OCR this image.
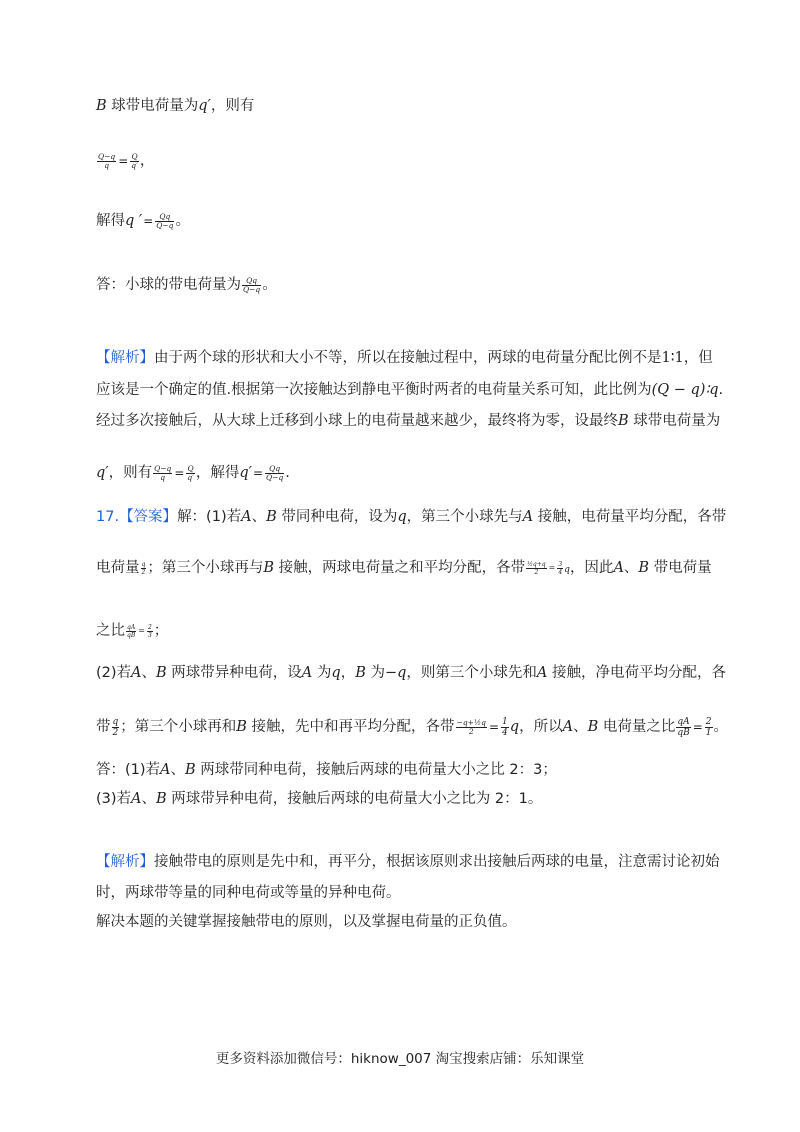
B 球带电荷量为q′，则有
$\frac{Q-q}{q} = \frac{Q}{q'}$ ，
解得q ′= $\frac{Qq}{Q-q}$ 。
答：小球的带电荷量为 $\frac{Qq}{Q-q}$ 。
【解析】由于两个球的形状和大小不等，所以在接触过程中，两球的电荷量分配比例不是1∶1，但
应该是一个确定的值.根据第一次接触达到静电平衡时两者的电荷量关系可知，此比例为(Q − q)∶q.
经过多次接触后，从大球上迁移到小球上的电荷量越来越少，最终将为零，设最终B 球带电荷量为
q′，则有 $\frac{Q-q}{q} = \frac{Q}{q'}$ ，解得$q'= \frac{Qq}{Q-q}$ .
17.【答案】解：(1)若A、B 带同种电荷，设为q，第三个小球先与A 接触，电荷量平均分配，各带
电荷量 $\frac{q}{2}$ ；第三个小球再与B 接触，两球电荷量之和平均分配，各带 $\frac{\text{½q+q}}{2} = \frac{3}{4}$ q，因此A、B 带电荷量
之比 $\frac{qA}{qB} = \frac{2}{3}$ ；
(2)若A、B 两球带异种电荷，设A 为q，B 为−q，则第三个小球先和A 接触，净电荷平均分配，各
带 $\frac{q}{2}$ ；第三个小球再和B 接触，先中和再平均分配，各带 $\frac{\text{−q+½q}}{2} = \frac{1}{4}$ q，所以A、B 电荷量之比 $\frac{qA}{qB} = \frac{2}{1}$ 。
答：(1)若A、B 两球带同种电荷，接触后两球的电荷量大小之比 2：3；
(3)若A、B 两球带异种电荷，接触后两球的电荷量大小之比为 2：1。
【解析】接触带电的原则是先中和，再平分，根据该原则求出接触后两球的电量，注意需讨论初始
时，两球带等量的同种电荷或等量的异种电荷。
解决本题的关键掌握接触带电的原则，以及掌握电荷量的正负值。
更多资料添加微信号：hiknow_007 淘宝搜索店铺：乐知课堂
